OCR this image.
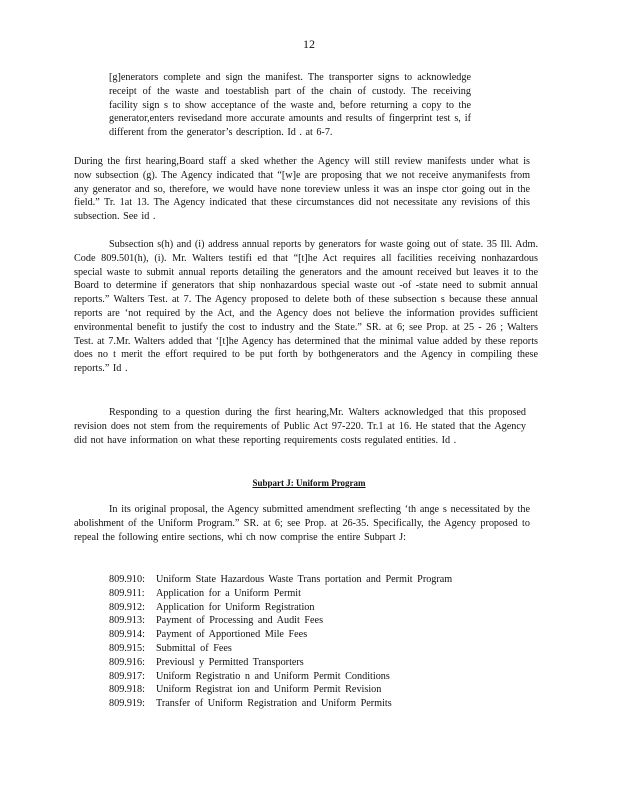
12
[g]enerators complete and sign the manifest. The transporter signs to acknowledge receipt of the waste and toestablish part of the chain of custody. The receiving facility sign s to show acceptance of the waste and, before returning a copy to the generator,enters revisedand more accurate amounts and results of fingerprint test s, if different from the generator’s description. Id . at 6-7.
During the first hearing,Board staff a sked whether the Agency will still review manifests under what is now subsection (g). The Agency indicated that “[w]e are proposing that we not receive anymanifests from any generator and so, therefore, we would have none toreview unless it was an inspe ctor going out in the field.” Tr. 1at 13. The Agency indicated that these circumstances did not necessitate any revisions of this subsection. See id .
Subsection s(h) and (i) address annual reports by generators for waste going out of state. 35 Ill. Adm. Code 809.501(h), (i). Mr. Walters testifi ed that “[t]he Act requires all facilities receiving nonhazardous special waste to submit annual reports detailing the generators and the amount received but leaves it to the Board to determine if generators that ship nonhazardous special waste out -of -state need to submit annual reports.” Walters Test. at 7. The Agency proposed to delete both of these subsection s because these annual reports are ‘not required by the Act, and the Agency does not believe the information provides sufficient environmental benefit to justify the cost to industry and the State.” SR. at 6; see Prop. at 25 - 26 ; Walters Test. at 7.Mr. Walters added that ‘[t]he Agency has determined that the minimal value added by these reports does no t merit the effort required to be put forth by bothgenerators and the Agency in compiling these reports.” Id .
Responding to a question during the first hearing,Mr. Walters acknowledged that this proposed revision does not stem from the requirements of Public Act 97-220. Tr.1 at 16. He stated that the Agency did not have information on what these reporting requirements costs regulated entities. Id .
Subpart J: Uniform Program
In its original proposal, the Agency submitted amendment sreflecting ‘th ange s necessitated by the abolishment of the Uniform Program.” SR. at 6; see Prop. at 26-35. Specifically, the Agency proposed to repeal the following entire sections, whi ch now comprise the entire Subpart J:
809.910:	Uniform State Hazardous Waste Trans portation and Permit Program
809.911:	Application for a Uniform Permit
809.912:	Application for Uniform Registration
809.913:	Payment of Processing and Audit Fees
809.914:	Payment of Apportioned Mile Fees
809.915:	Submittal of Fees
809.916:	Previousl y Permitted Transporters
809.917:	Uniform Registratio n and Uniform Permit Conditions
809.918:	Uniform Registrat ion and Uniform Permit Revision
809.919:	Transfer of Uniform Registration and Uniform Permits
